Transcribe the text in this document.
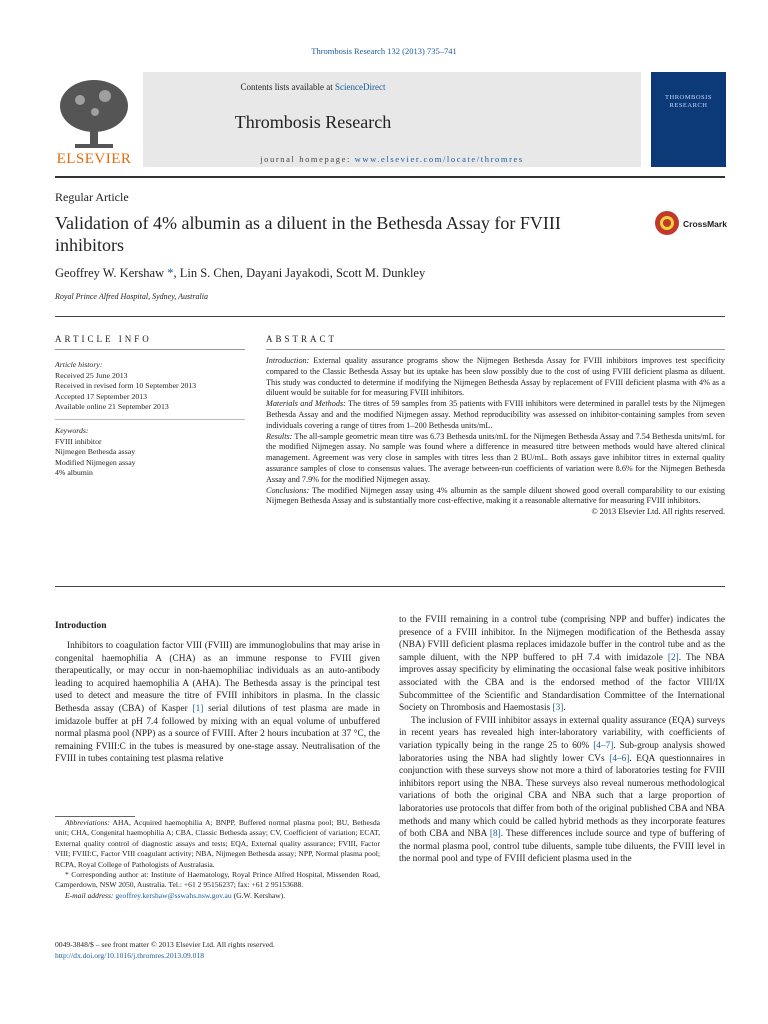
Thrombosis Research 132 (2013) 735–741
ELSEVIER
Contents lists available at ScienceDirect
Thrombosis Research
journal homepage: www.elsevier.com/locate/thromres
THROMBOSIS RESEARCH
Regular Article
Validation of 4% albumin as a diluent in the Bethesda Assay for FVIII inhibitors
CrossMark
Geoffrey W. Kershaw *, Lin S. Chen, Dayani Jayakodi, Scott M. Dunkley
Royal Prince Alfred Hospital, Sydney, Australia
ARTICLE INFO	ABSTRACT
Article history:
Received 25 June 2013
Received in revised form 10 September 2013
Accepted 17 September 2013
Available online 21 September 2013
Keywords:
FVIII inhibitor
Nijmegen Bethesda assay
Modified Nijmegen assay
4% albumin

Introduction: External quality assurance programs show the Nijmegen Bethesda Assay for FVIII inhibitors improves test specificity compared to the Classic Bethesda Assay but its uptake has been slow possibly due to the cost of using FVIII deficient plasma as diluent. This study was conducted to determine if modifying the Nijmegen Bethesda Assay by replacement of FVIII deficient plasma with 4% as a diluent would be suitable for for measuring FVIII inhibitors.

Materials and Methods: The titres of 59 samples from 35 patients with FVIII inhibitors were determined in parallel tests by the Nijmegen Bethesda Assay and and the modified Nijmegen assay. Method reproducibility was assessed on inhibitor-containing samples from seven individuals covering a range of titres from 1–200 Bethesda units/mL.

Results: The all-sample geometric mean titre was 6.73 Bethesda units/mL for the Nijmegen Bethesda Assay and 7.54 Bethesda units/mL for the modified Nijmegen assay. No sample was found where a difference in measured titre between methods would have altered clinical management. Agreement was very close in samples with titres less than 2 BU/mL. Both assays gave inhibitor titres in external quality assurance samples of close to consensus values. The average between-run coefficients of variation were 8.6% for the Nijmegen Bethesda Assay and 7.9% for the modified Nijmegen assay.

Conclusions: The modified Nijmegen assay using 4% albumin as the sample diluent showed good overall comparability to our existing Nijmegen Bethesda Assay and is substantially more cost-effective, making it a reasonable alternative for measuring FVIII inhibitors.

© 2013 Elsevier Ltd. All rights reserved.

Introduction

Inhibitors to coagulation factor VIII (FVIII) are immunoglobulins that may arise in congenital haemophilia A (CHA) as an immune response to FVIII given therapeutically, or may occur in non-haemophiliac individuals as an auto-antibody leading to acquired haemophilia A (AHA). The Bethesda assay is the principal test used to detect and measure the titre of FVIII inhibitors in plasma. In the classic Bethesda assay (CBA) of Kasper [1] serial dilutions of test plasma are made in imidazole buffer at pH 7.4 followed by mixing with an equal volume of unbuffered normal plasma pool (NPP) as a source of FVIII. After 2 hours incubation at 37 °C, the remaining FVIII:C in the tubes is measured by one-stage assay. Neutralisation of the FVIII in tubes containing test plasma relative

Abbreviations: AHA, Acquired haemophilia A; BNPP, Buffered normal plasma pool; BU, Bethesda unit; CHA, Congenital haemophilia A; CBA, Classic Bethesda assay; CV, Coefficient of variation; ECAT, External quality control of diagnostic assays and tests; EQA, External quality assurance; FVIII, Factor VIII; FVIII:C, Factor VIII coagulant activity; NBA, Nijmegen Bethesda assay; NPP, Normal plasma pool; RCPA, Royal College of Pathologists of Australasia.

* Corresponding author at: Institute of Haematology, Royal Prince Alfred Hospital, Missenden Road, Camperdown, NSW 2050, Australia. Tel.: +61 2 95156237; fax: +61 2 95153688.

E-mail address: geoffrey.kershaw@sswahs.nsw.gov.au (G.W. Kershaw).

0049-3848/$ – see front matter © 2013 Elsevier Ltd. All rights reserved.
http://dx.doi.org/10.1016/j.thromres.2013.09.018

to the FVIII remaining in a control tube (comprising NPP and buffer) indicates the presence of a FVIII inhibitor. In the Nijmegen modification of the Bethesda assay (NBA) FVIII deficient plasma replaces imidazole buffer in the control tube and as the sample diluent, with the NPP buffered to pH 7.4 with imidazole [2]. The NBA improves assay specificity by eliminating the occasional false weak positive inhibitors associated with the CBA and is the endorsed method of the factor VIII/IX Subcommittee of the Scientific and Standardisation Committee of the International Society on Thrombosis and Haemostasis [3].

The inclusion of FVIII inhibitor assays in external quality assurance (EQA) surveys in recent years has revealed high inter-laboratory variability, with coefficients of variation typically being in the range 25 to 60% [4–7]. Sub-group analysis showed laboratories using the NBA had slightly lower CVs [4–6]. EQA questionnaires in conjunction with these surveys show not more a third of laboratories testing for FVIII inhibitors report using the NBA. These surveys also reveal numerous methodological variations of both the original CBA and NBA such that a large proportion of laboratories use protocols that differ from both of the original published CBA and NBA methods and many which could be called hybrid methods as they incorporate features of both CBA and NBA [8]. These differences include source and type of buffering of the normal plasma pool, control tube diluents, sample tube diluents, the FVIII level in the normal pool and type of FVIII deficient plasma used in the
